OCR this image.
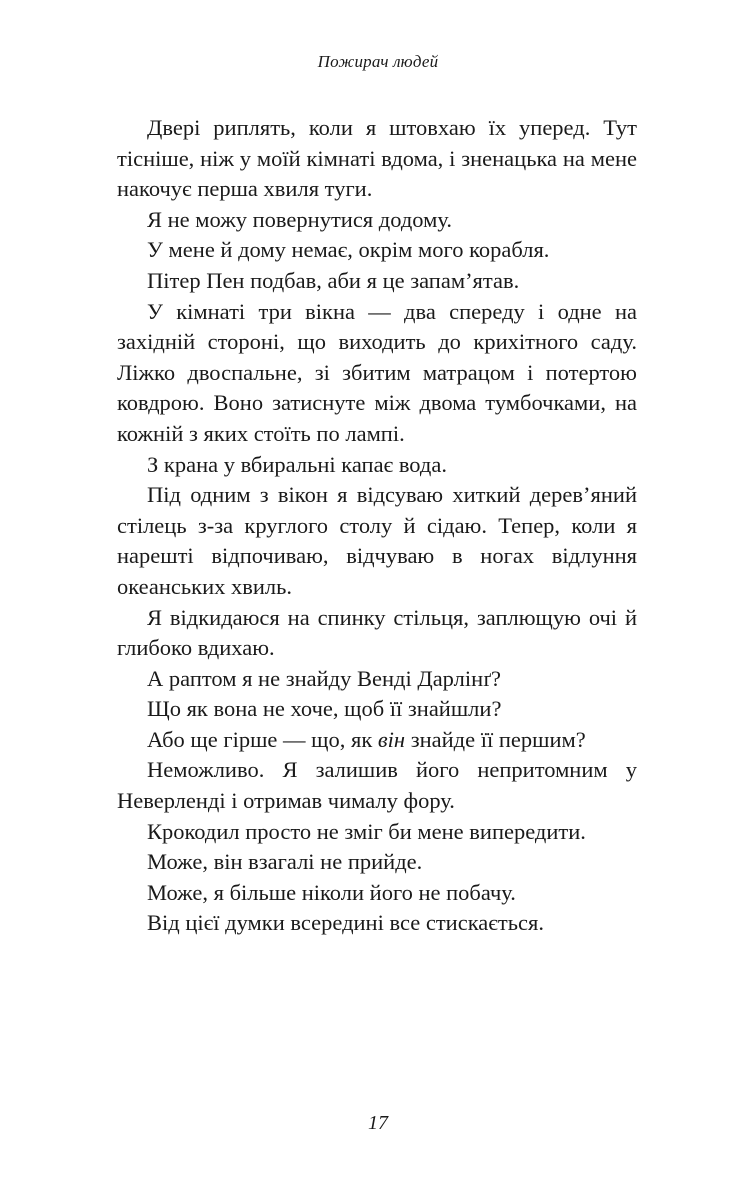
Пожирач людей

Двері риплять, коли я штовхаю їх уперед. Тут тісніше, ніж у моїй кімнаті вдома, і зненацька на мене накочує перша хвиля туги.

Я не можу повернутися додому.

У мене й дому немає, окрім мого корабля.

Пітер Пен подбав, аби я це запам’ятав.

У кімнаті три вікна — два спереду і одне на західній стороні, що виходить до крихітного саду. Ліжко двоспальне, зі збитим матрацом і потертою ковдрою. Воно затиснуте між двома тумбочками, на кожній з яких стоїть по лампі.

З крана у вбиральні капає вода.

Під одним з вікон я відсуваю хиткий дерев’яний стілець з-за круглого столу й сідаю. Тепер, коли я нарешті відпочиваю, відчуваю в ногах відлуння океанських хвиль.

Я відкидаюся на спинку стільця, заплющую очі й глибоко вдихаю.

А раптом я не знайду Венді Дарлінґ?

Що як вона не хоче, щоб її знайшли?

Або ще гірше — що, як він знайде її першим?

Неможливо. Я залишив його непритомним у Неверленді і отримав чималу фору.

Крокодил просто не зміг би мене випередити.

Може, він взагалі не прийде.

Може, я більше ніколи його не побачу.

Від цієї думки всередині все стискається.

17
